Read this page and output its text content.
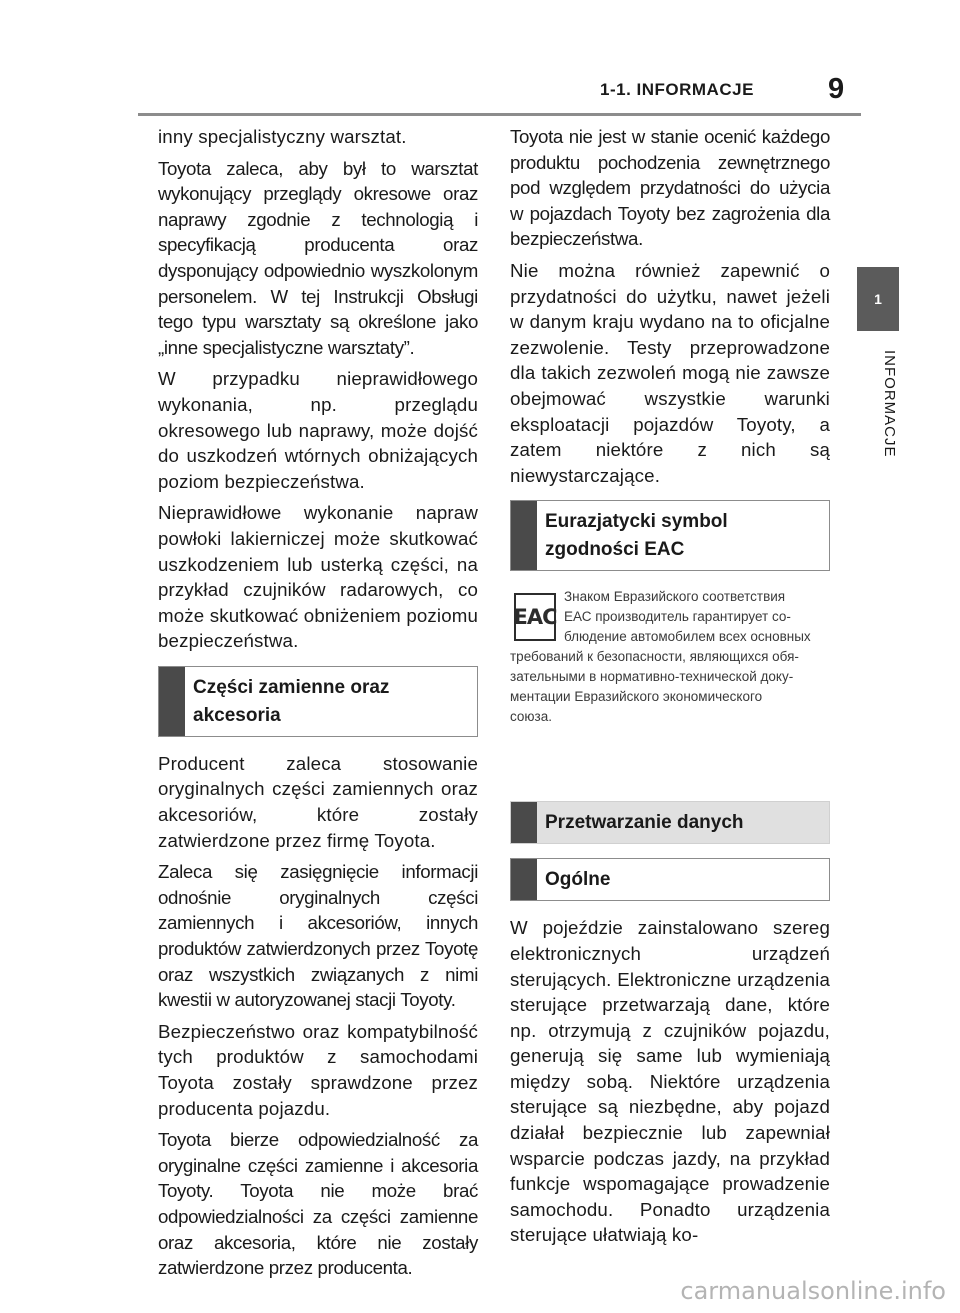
1-1. INFORMACJE	9
1
INFORMACJE

inny specjalistyczny warsztat.

Toyota zaleca, aby był to warsztat wykonujący przeglądy okresowe oraz naprawy zgodnie z technologią i specyfikacją producenta oraz dysponujący odpowiednio wyszkolonym personelem. W tej Instrukcji Obsługi tego typu warsztaty są określone jako „inne specjalistyczne warsztaty”.

W przypadku nieprawidłowego wykonania, np. przeglądu okresowego lub naprawy, może dojść do uszkodzeń wtórnych obniżających poziom bezpieczeństwa.

Nieprawidłowe wykonanie napraw powłoki lakierniczej może skutkować uszkodzeniem lub usterką części, na przykład czujników radarowych, co może skutkować obniżeniem poziomu bezpieczeństwa.

Części zamienne oraz akcesoria

Producent zaleca stosowanie oryginalnych części zamiennych oraz akcesoriów, które zostały zatwierdzone przez firmę Toyota.

Zaleca się zasięgnięcie informacji odnośnie oryginalnych części zamiennych i akcesoriów, innych produktów zatwierdzonych przez Toyotę oraz wszystkich związanych z nimi kwestii w autoryzowanej stacji Toyoty.

Bezpieczeństwo oraz kompatybilność tych produktów z samochodami Toyota zostały sprawdzone przez producenta pojazdu.

Toyota bierze odpowiedzialność za oryginalne części zamienne i akcesoria Toyoty. Toyota nie może brać odpowiedzialności za części zamienne oraz akcesoria, które nie zostały zatwierdzone przez producenta.

Toyota nie jest w stanie ocenić każdego produktu pochodzenia zewnętrznego pod względem przydatności do użycia w pojazdach Toyoty bez zagrożenia dla bezpieczeństwa.

Nie można również zapewnić o przydatności do użytku, nawet jeżeli w danym kraju wydano na to oficjalne zezwolenie. Testy przeprowadzone dla takich zezwoleń mogą nie zawsze obejmować wszystkie warunki eksploatacji pojazdów Toyoty, a zatem niektóre z nich są niewystarczające.

Eurazjatycki symbol zgodności EAC
EAC
Знаком Евразийского соответствия
ЕАС производитель гарантирует со-
блюдение автомобилем всех основных
требований к безопасности, являющихся обя-
зательными в нормативно-технической доку-
ментации Евразийского экономического
союза.
Przetwarzanie danych
Ogólne

W pojeździe zainstalowano szereg elektronicznych urządzeń sterujących. Elektroniczne urządzenia sterujące przetwarzają dane, które np. otrzymują z czujników pojazdu, generują się same lub wymieniają między sobą. Niektóre urządzenia sterujące są niezbędne, aby pojazd działał bezpiecznie lub zapewniał wsparcie podczas jazdy, na przykład funkcje wspomagające prowadzenie samochodu. Ponadto urządzenia sterujące ułatwiają ko-

carmanualsonline.info
